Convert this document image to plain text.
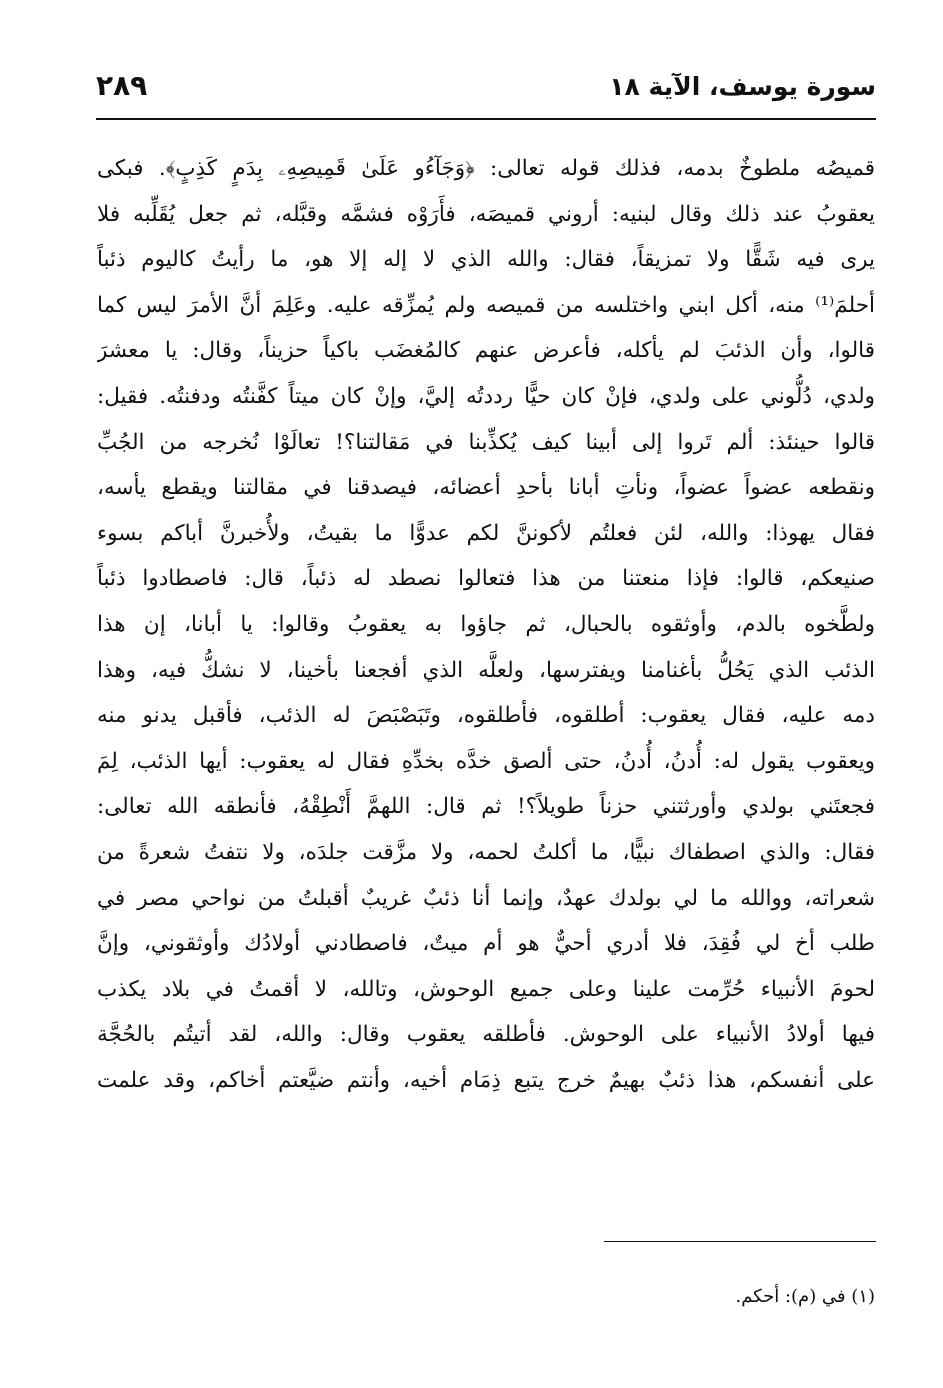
سورة يوسف، الآية ١٨
٢٨٩
قميصُه ملطوخٌ بدمه، فذلك قوله تعالى: ﴿وَجَآءُو عَلَىٰ قَمِيصِهِۦ بِدَمٍ كَذِبٍ﴾. فبكى
يعقوبُ عند ذلك وقال لبنيه: أروني قميصَه، فأَرَوْه فشمَّه وقبَّله، ثم جعل يُقَلِّبه فلا
يرى فيه شَقًّا ولا تمزيقاً، فقال: والله الذي لا إله إلا هو، ما رأيتُ كاليوم ذئباً
أحلمَ⁽¹⁾ منه، أكل ابني واختلسه من قميصه ولم يُمزِّقه عليه. وعَلِمَ أنَّ الأمرَ ليس كما
قالوا، وأن الذئبَ لم يأكله، فأعرض عنهم كالمُغضَب باكياً حزيناً، وقال: يا معشرَ
ولدي، دُلُّوني على ولدي، فإنْ كان حيًّا رددتُه إليَّ، وإنْ كان ميتاً كفَّنتُه ودفنتُه. فقيل:
قالوا حينئذ: ألم تَروا إلى أبينا كيف يُكذِّبنا في مَقالتنا؟! تعالَوْا نُخرجه من الجُبِّ
ونقطعه عضواً عضواً، ونأتِ أبانا بأحدِ أعضائه، فيصدقنا في مقالتنا ويقطع يأسه،
فقال يهوذا: والله، لئن فعلتُم لأكوننَّ لكم عدوًّا ما بقيتُ، ولأُخبرنَّ أباكم بسوء
صنيعكم، قالوا: فإذا منعتنا من هذا فتعالوا نصطد له ذئباً، قال: فاصطادوا ذئباً
ولطَّخوه بالدم، وأوثقوه بالحبال، ثم جاؤوا به يعقوبُ وقالوا: يا أبانا، إن هذا
الذئب الذي يَحُلُّ بأغنامنا ويفترسها، ولعلَّه الذي أفجعنا بأخينا، لا نشكُّ فيه، وهذا
دمه عليه، فقال يعقوب: أطلقوه، فأطلقوه، وتَبَصْبَصَ له الذئب، فأقبل يدنو منه
ويعقوب يقول له: أُدنُ، أُدنُ، حتى ألصق خدَّه بخدِّهِ فقال له يعقوب: أيها الذئب، لِمَ
فجعتَني بولدي وأورثتني حزناً طويلاً؟! ثم قال: اللهمَّ أَنْطِقْهُ، فأنطقه الله تعالى:
فقال: والذي اصطفاك نبيًّا، ما أكلتُ لحمه، ولا مزَّقت جلدَه، ولا نتفتُ شعرةً من
شعراته، ووالله ما لي بولدك عهدٌ، وإنما أنا ذئبٌ غريبٌ أقبلتُ من نواحي مصر في
طلب أخ لي فُقِدَ، فلا أدري أحيٌّ هو أم ميتٌ، فاصطادني أولادُك وأوثقوني، وإنَّ
لحومَ الأنبياء حُرِّمت علينا وعلى جميع الوحوش، وتالله، لا أقمتُ في بلاد يكذب
فيها أولادُ الأنبياء على الوحوش. فأطلقه يعقوب وقال: والله، لقد أتيتُم بالحُجَّة
على أنفسكم، هذا ذئبٌ بهيمٌ خرج يتبع ذِمَام أخيه، وأنتم ضيَّعتم أخاكم، وقد علمت
(١) في (م): أحكم.
